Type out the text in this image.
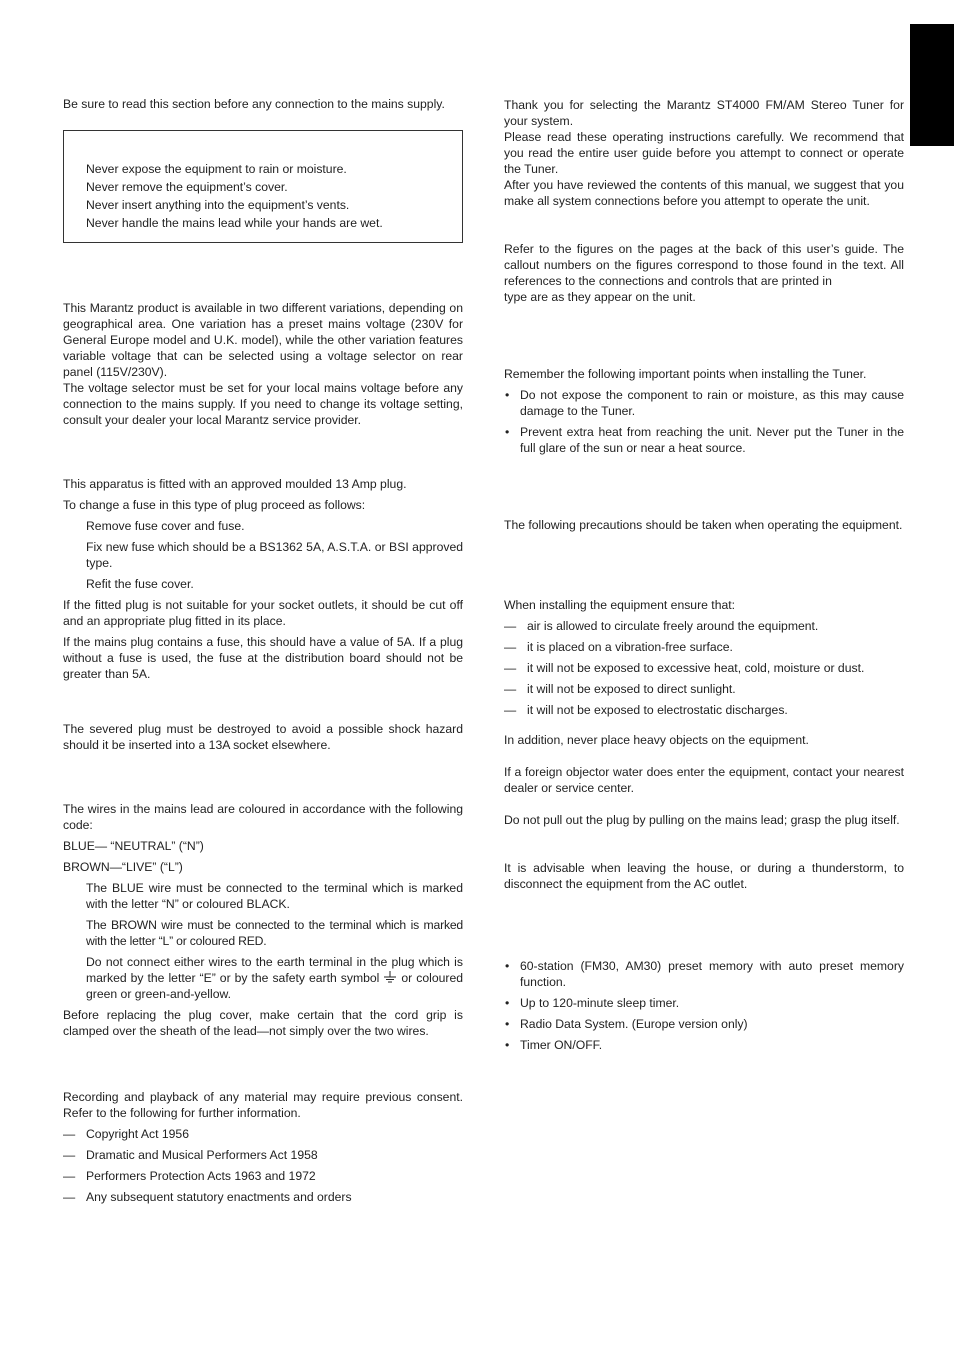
Be sure to read this section before any connection to the mains supply.

Never expose the equipment to rain or moisture.
Never remove the equipment’s cover.
Never insert anything into the equipment’s vents.
Never handle the mains lead while your hands are wet.

This Marantz product is available in two different variations, depending on geographical area. One variation has a preset mains voltage (230V for General Europe model and U.K. model), while the other variation features variable voltage that can be selected using a voltage selector on rear panel (115V/230V).

The voltage selector must be set for your local mains voltage before any connection to the mains supply. If you need to change its voltage setting, consult your dealer your local Marantz service provider.

This apparatus is fitted with an approved moulded 13 Amp plug.

To change a fuse in this type of plug proceed as follows:

Remove fuse cover and fuse.
Fix new fuse which should be a BS1362 5A, A.S.T.A. or BSI approved type.
Refit the fuse cover.

If the fitted plug is not suitable for your socket outlets, it should be cut off and an appropriate plug fitted in its place.

If the mains plug contains a fuse, this should have a value of 5A. If a plug without a fuse is used, the fuse at the distribution board should not be greater than 5A.

The severed plug must be destroyed to avoid a possible shock hazard should it be inserted into a 13A socket elsewhere.

The wires in the mains lead are coloured in accordance with the following code:

BLUE— “NEUTRAL” (“N”)

BROWN—“LIVE” (“L”)

The BLUE wire must be connected to the terminal which is marked with the letter “N” or coloured BLACK.
The BROWN wire must be connected to the terminal which is marked with the letter “L” or coloured RED.
Do not connect either wires to the earth terminal in the plug which is marked by the letter “E” or by the safety earth symbol or coloured green or green-and-yellow.

Before replacing the plug cover, make certain that the cord grip is clamped over the sheath of the lead—not simply over the two wires.

Recording and playback of any material may require previous consent. Refer to the following for further information.

— Copyright Act 1956
— Dramatic and Musical Performers Act 1958
— Performers Protection Acts 1963 and 1972
— Any subsequent statutory enactments and orders

Thank you for selecting the Marantz ST4000 FM/AM Stereo Tuner for your system.

Please read these operating instructions carefully. We recommend that you read the entire user guide before you attempt to connect or operate the Tuner.

After you have reviewed the contents of this manual, we suggest that you make all system connections before you attempt to operate the unit.

Refer to the figures on the pages at the back of this user’s guide. The callout numbers on the figures correspond to those found in the text. All references to the connections and controls that are printed in

type are as they appear on the unit.

Remember the following important points when installing the Tuner.

• Do not expose the component to rain or moisture, as this may cause damage to the Tuner.
• Prevent extra heat from reaching the unit. Never put the Tuner in the full glare of the sun or near a heat source.

The following precautions should be taken when operating the equipment.

When installing the equipment ensure that:

— air is allowed to circulate freely around the equipment.
— it is placed on a vibration-free surface.
— it will not be exposed to excessive heat, cold, moisture or dust.
— it will not be exposed to direct sunlight.
— it will not be exposed to electrostatic discharges.

In addition, never place heavy objects on the equipment.

If a foreign objector water does enter the equipment, contact your nearest dealer or service center.

Do not pull out the plug by pulling on the mains lead; grasp the plug itself.

It is advisable when leaving the house, or during a thunderstorm, to disconnect the equipment from the AC outlet.

• 60-station (FM30, AM30) preset memory with auto preset memory function.
• Up to 120-minute sleep timer.
• Radio Data System. (Europe version only)
• Timer ON/OFF.
